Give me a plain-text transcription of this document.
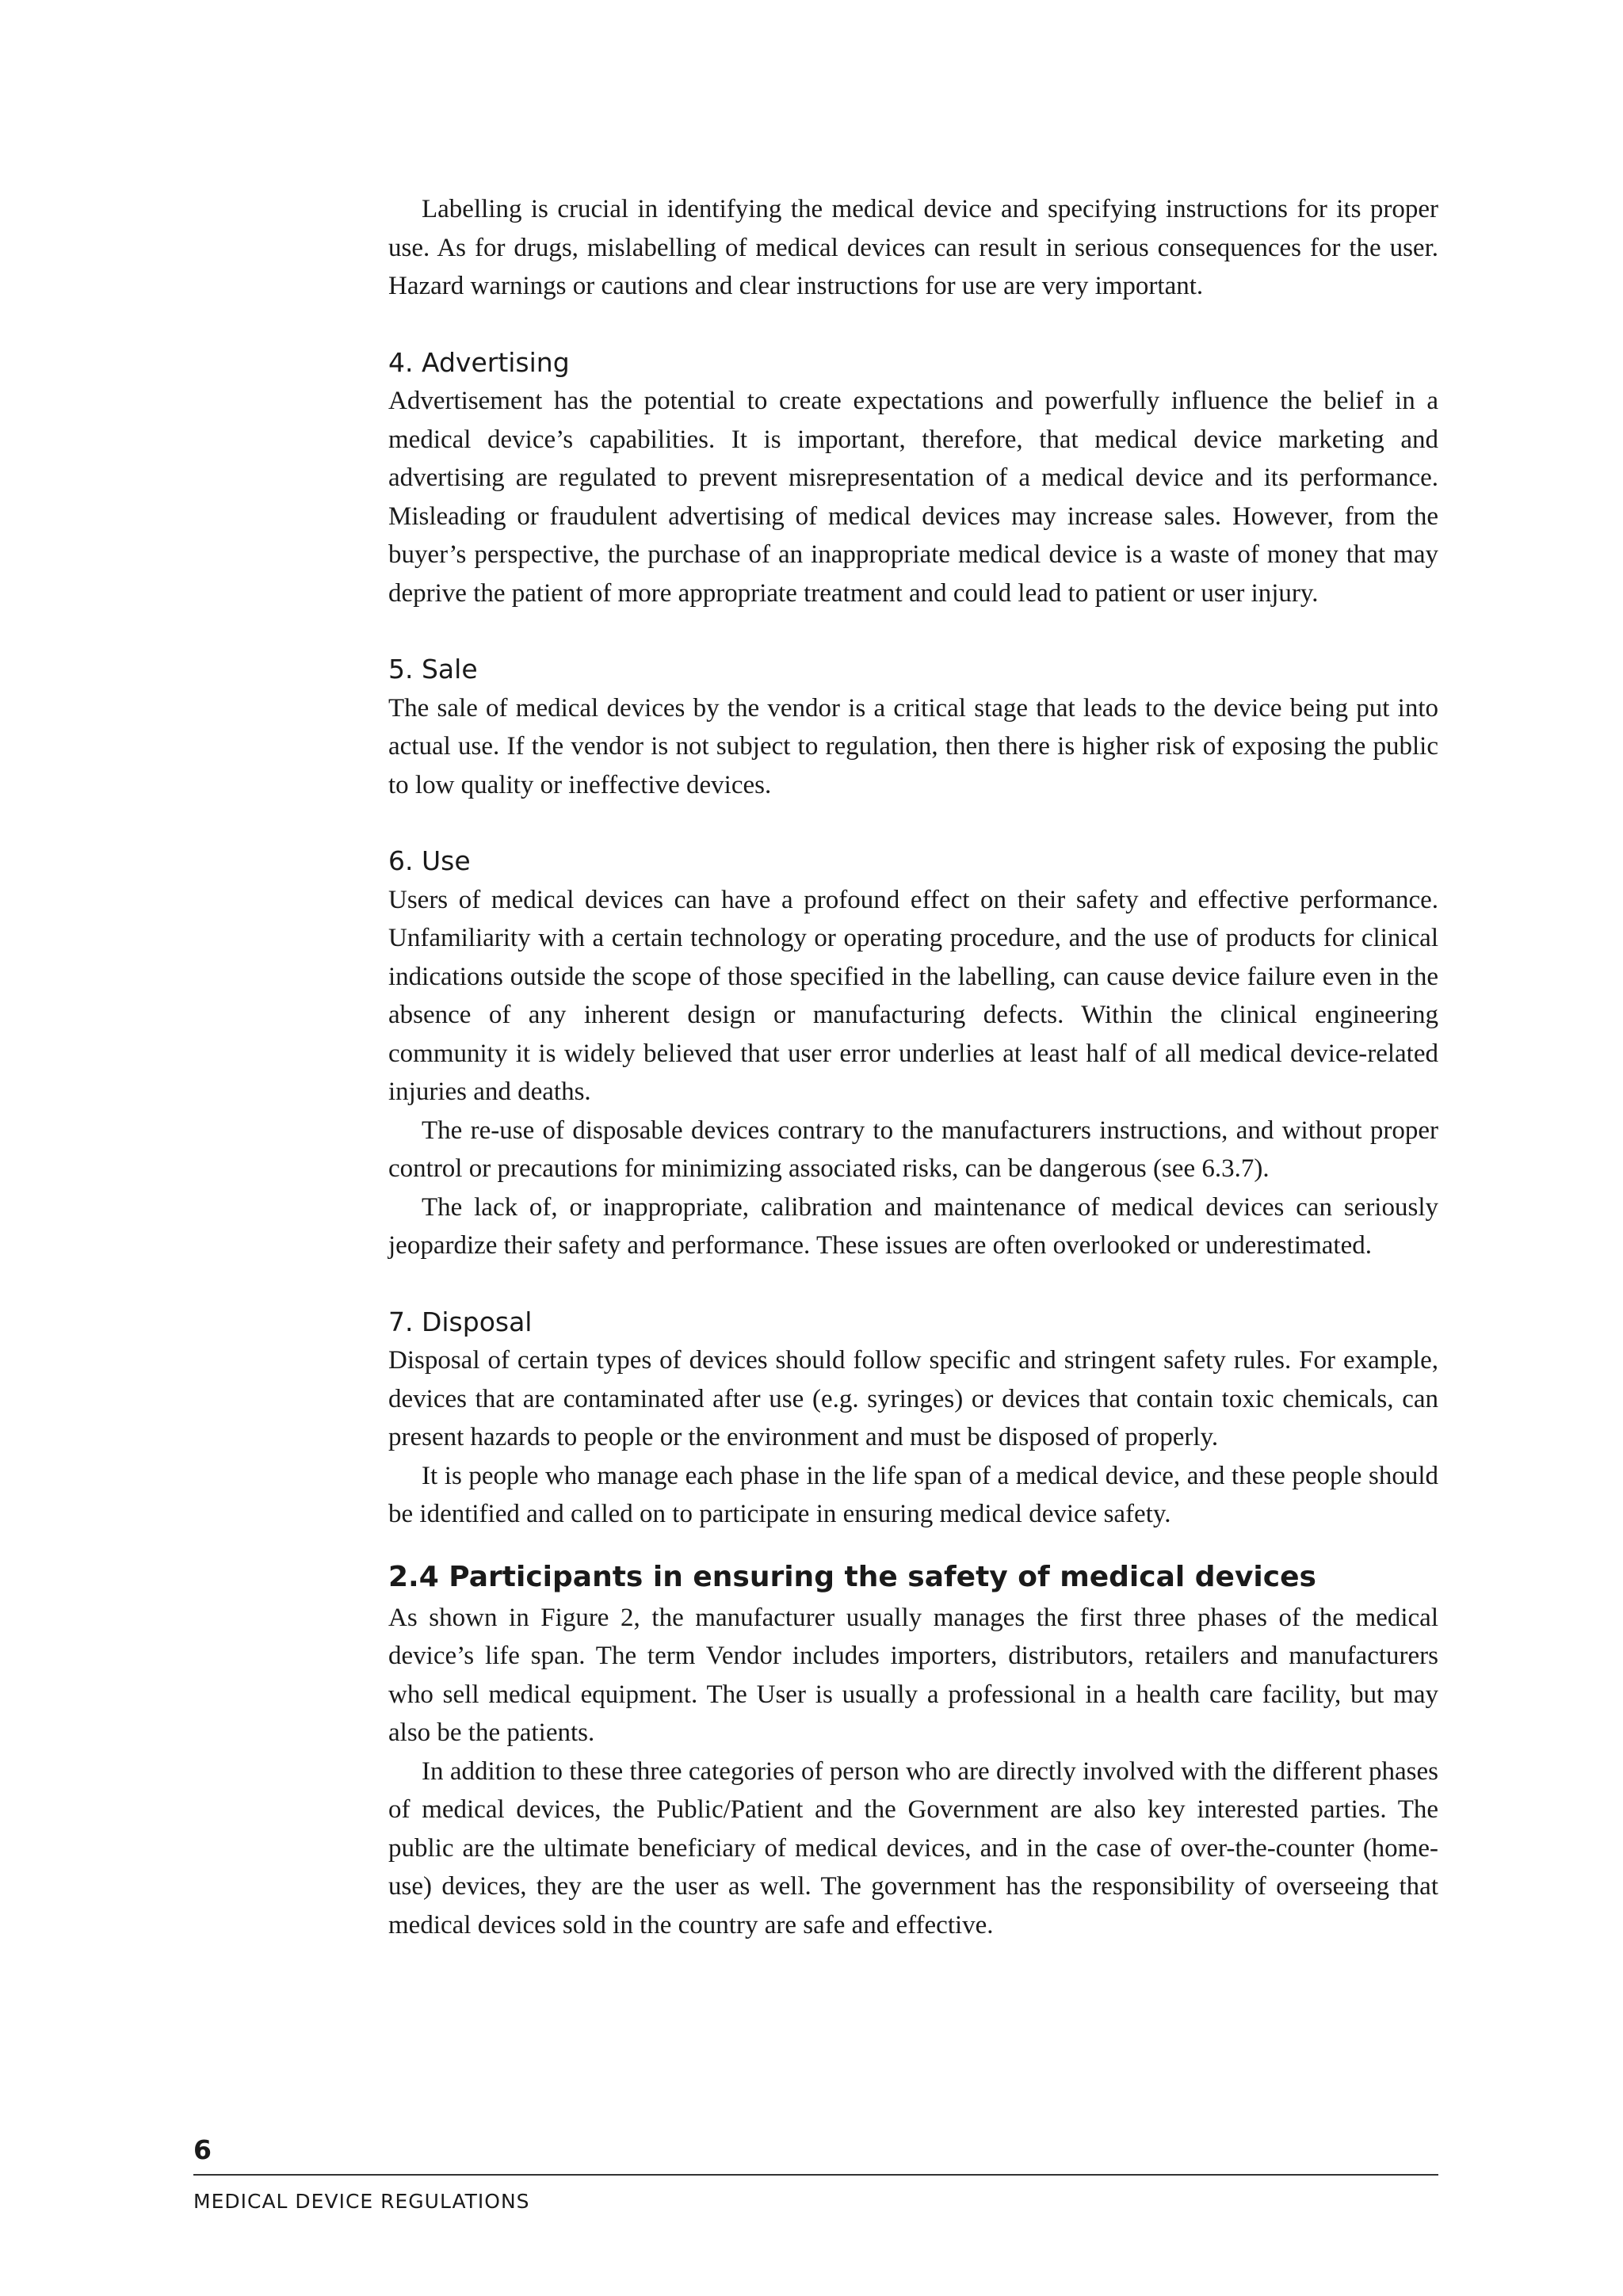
Labelling is crucial in identifying the medical device and specifying instructions for its proper use. As for drugs, mislabelling of medical devices can result in serious consequences for the user. Hazard warnings or cautions and clear instructions for use are very important.

4. Advertising

Advertisement has the potential to create expectations and powerfully influence the belief in a medical device’s capabilities. It is important, therefore, that medical device marketing and advertising are regulated to prevent misrepresentation of a medical device and its performance. Misleading or fraudulent advertising of medical devices may increase sales. However, from the buyer’s perspective, the purchase of an inappropriate medical device is a waste of money that may deprive the patient of more appropriate treatment and could lead to patient or user injury.

5. Sale

The sale of medical devices by the vendor is a critical stage that leads to the device being put into actual use. If the vendor is not subject to regulation, then there is higher risk of exposing the public to low quality or ineffective devices.

6. Use

Users of medical devices can have a profound effect on their safety and effective performance. Unfamiliarity with a certain technology or operating procedure, and the use of products for clinical indications outside the scope of those specified in the labelling, can cause device failure even in the absence of any inherent design or manufacturing defects. Within the clinical engineering community it is widely believed that user error underlies at least half of all medical device-related injuries and deaths.

The re-use of disposable devices contrary to the manufacturers instructions, and without proper control or precautions for minimizing associated risks, can be dangerous (see 6.3.7).

The lack of, or inappropriate, calibration and maintenance of medical devices can seriously jeopardize their safety and performance. These issues are often overlooked or underestimated.

7. Disposal

Disposal of certain types of devices should follow specific and stringent safety rules. For example, devices that are contaminated after use (e.g. syringes) or devices that contain toxic chemicals, can present hazards to people or the environment and must be disposed of properly.

It is people who manage each phase in the life span of a medical device, and these people should be identified and called on to participate in ensuring medical device safety.

2.4 Participants in ensuring the safety of medical devices

As shown in Figure 2, the manufacturer usually manages the first three phases of the medical device’s life span. The term Vendor includes importers, distributors, retailers and manufacturers who sell medical equipment. The User is usually a professional in a health care facility, but may also be the patients.

In addition to these three categories of person who are directly involved with the different phases of medical devices, the Public/Patient and the Government are also key interested parties. The public are the ultimate beneficiary of medical devices, and in the case of over-the-counter (home-use) devices, they are the user as well. The government has the responsibility of overseeing that medical devices sold in the country are safe and effective.

6
MEDICAL DEVICE REGULATIONS
